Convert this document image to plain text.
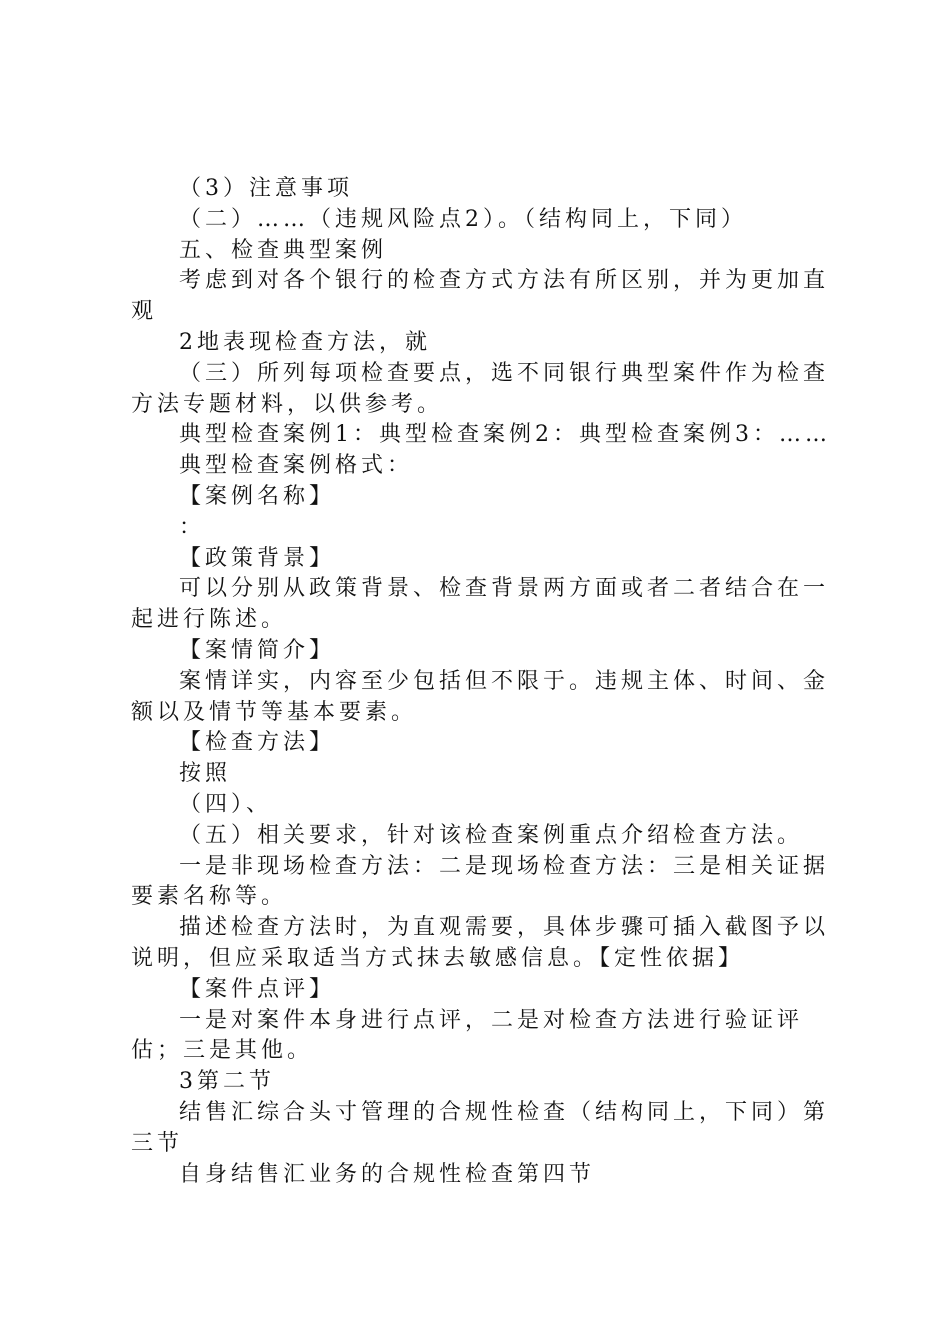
（3）注意事项

（二）……（违规风险点2）。（结构同上，下同）

五、检查典型案例

考虑到对各个银行的检查方式方法有所区别，并为更加直观

2地表现检查方法，就

（三）所列每项检查要点，选不同银行典型案件作为检查方法专题材料，以供参考。

典型检查案例1：典型检查案例2：典型检查案例3：……

典型检查案例格式：

【案例名称】

：

【政策背景】

可以分别从政策背景、检查背景两方面或者二者结合在一起进行陈述。

【案情简介】

案情详实，内容至少包括但不限于。违规主体、时间、金额以及情节等基本要素。

【检查方法】

按照

（四）、

（五）相关要求，针对该检查案例重点介绍检查方法。

一是非现场检查方法：二是现场检查方法：三是相关证据要素名称等。

描述检查方法时，为直观需要，具体步骤可插入截图予以说明，但应采取适当方式抹去敏感信息。【定性依据】

【案件点评】

一是对案件本身进行点评，二是对检查方法进行验证评估；三是其他。

3第二节

结售汇综合头寸管理的合规性检查（结构同上，下同）第三节

自身结售汇业务的合规性检查第四节
